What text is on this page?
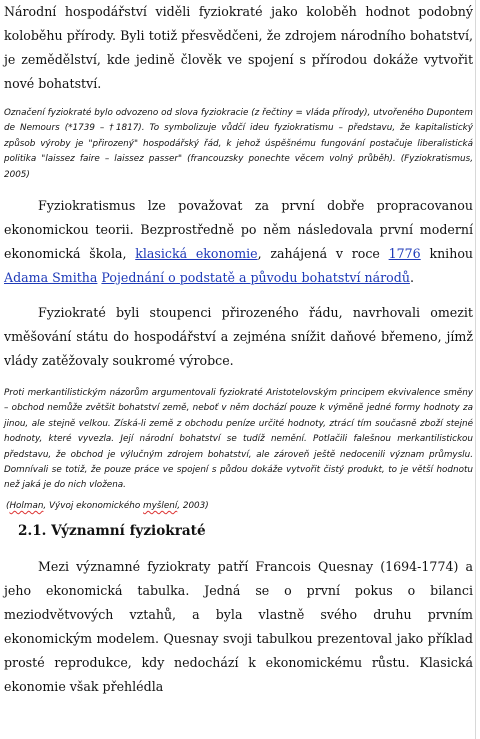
Národní hospodářství viděli fyziokraté jako koloběh hodnot podobný koloběhu přírody. Byli totiž přesvědčeni, že zdrojem národního bohatství, je zemědělství, kde jedině člověk ve spojení s přírodou dokáže vytvořit nové bohatství.

Označení fyziokraté bylo odvozeno od slova fyziokracie (z řečtiny = vláda přírody), utvořeného Dupontem de Nemours (*1739 – †1817). To symbolizuje vůdčí ideu fyziokratismu – představu, že kapitalistický způsob výroby je "přirozený" hospodářský řád, k jehož úspěšnému fungování postačuje liberalistická politika "laissez faire – laissez passer" (francouzsky ponechte věcem volný průběh). (Fyziokratismus, 2005)

Fyziokratismus lze považovat za první dobře propracovanou ekonomickou teorii. Bezprostředně po něm následovala první moderní ekonomická škola, klasická ekonomie, zahájená v roce 1776 knihou Adama Smitha Pojednání o podstatě a původu bohatství národů.

Fyziokraté byli stoupenci přirozeného řádu, navrhovali omezit vměšování státu do hospodářství a zejména snížit daňové břemeno, jímž vlády zatěžovaly soukromé výrobce.

Proti merkantilistickým názorům argumentovali fyziokraté Aristotelovským principem ekvivalence směny – obchod nemůže zvětšit bohatství země, neboť v něm dochází pouze k výměně jedné formy hodnoty za jinou, ale stejně velkou. Získá-li země z obchodu peníze určité hodnoty, ztrácí tím současně zboží stejné hodnoty, které vyvezla. Její národní bohatství se tudíž nemění. Potlačili falešnou merkantilistickou představu, že obchod je výlučným zdrojem bohatství, ale zároveň ještě nedocenili význam průmyslu. Domnívali se totiž, že pouze práce ve spojení s půdou dokáže vytvořit čistý produkt, to je větší hodnotu než jaká je do nich vložena.

(Holman, Vývoj ekonomického myšlení, 2003)

2.1. Významní fyziokraté

Mezi významné fyziokraty patří Francois Quesnay (1694-1774) a jeho ekonomická tabulka. Jedná se o první pokus o bilanci meziodvětvových vztahů, a byla vlastně svého druhu prvním ekonomickým modelem. Quesnay svoji tabulkou prezentoval jako příklad prosté reprodukce, kdy nedochází k ekonomickému růstu. Klasická ekonomie však přehlédla
